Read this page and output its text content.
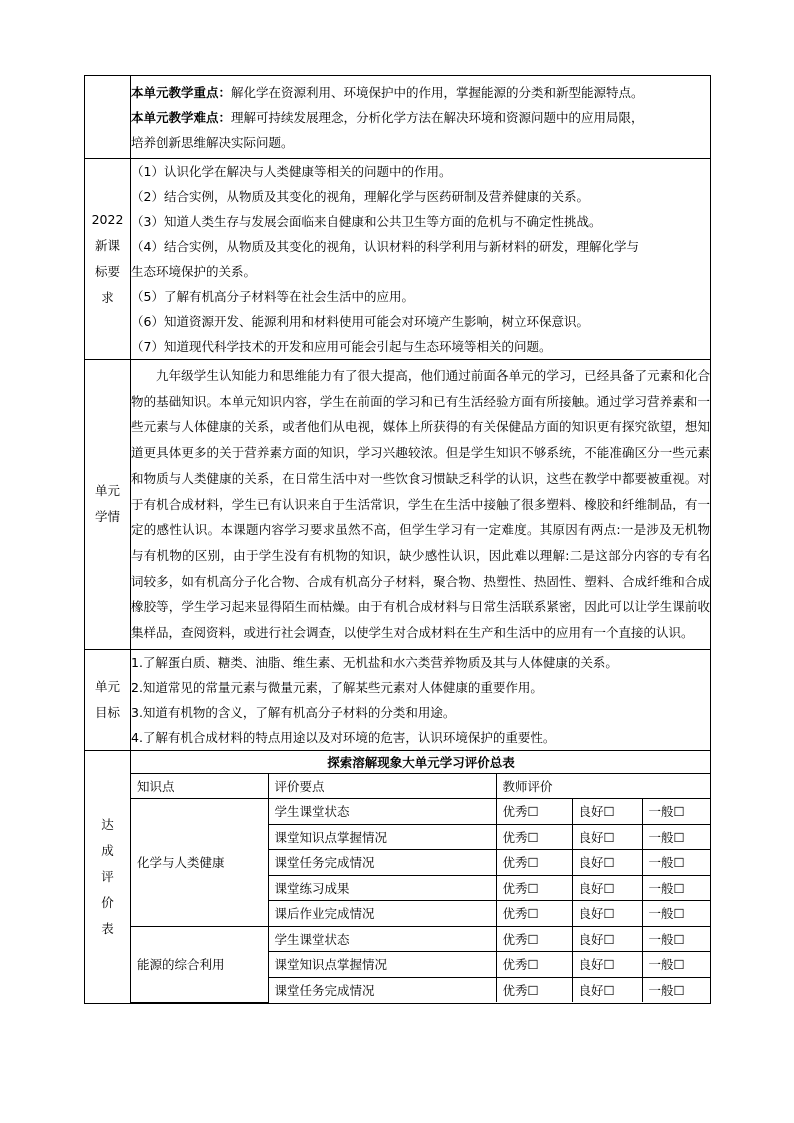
本单元教学重点：解化学在资源利用、环境保护中的作用，掌握能源的分类和新型能源特点。
本单元教学难点：理解可持续发展理念，分析化学方法在解决环境和资源问题中的应用局限，
培养创新思维解决实际问题。

2022
新课
标要
求

（1）认识化学在解决与人类健康等相关的问题中的作用。
（2）结合实例，从物质及其变化的视角，理解化学与医药研制及营养健康的关系。
（3）知道人类生存与发展会面临来自健康和公共卫生等方面的危机与不确定性挑战。
（4）结合实例，从物质及其变化的视角，认识材料的科学利用与新材料的研发，理解化学与
生态环境保护的关系。
（5）了解有机高分子材料等在社会生活中的应用。
（6）知道资源开发、能源利用和材料使用可能会对环境产生影响，树立环保意识。
（7）知道现代科学技术的开发和应用可能会引起与生态环境等相关的问题。

单元
学情

九年级学生认知能力和思维能力有了很大提高，他们通过前面各单元的学习，已经具备了元素和化合物的基础知识。本单元知识内容，学生在前面的学习和已有生活经验方面有所接触。通过学习营养素和一些元素与人体健康的关系，或者他们从电视，媒体上所获得的有关保健品方面的知识更有探究欲望，想知道更具体更多的关于营养素方面的知识，学习兴趣较浓。但是学生知识不够系统，不能准确区分一些元素和物质与人类健康的关系，在日常生活中对一些饮食习惯缺乏科学的认识，这些在教学中都要被重视。对于有机合成材料，学生已有认识来自于生活常识，学生在生活中接触了很多塑料、橡胶和纤维制品，有一定的感性认识。本课题内容学习要求虽然不高，但学生学习有一定难度。其原因有两点:一是涉及无机物与有机物的区别，由于学生没有有机物的知识，缺少感性认识，因此难以理解:二是这部分内容的专有名词较多，如有机高分子化合物、合成有机高分子材料，聚合物、热塑性、热固性、塑料、合成纤维和合成橡胶等，学生学习起来显得陌生而枯燥。由于有机合成材料与日常生活联系紧密，因此可以让学生课前收集样品，查阅资料，或进行社会调查，以使学生对合成材料在生产和生活中的应用有一个直接的认识。

单元
目标

1.了解蛋白质、糖类、油脂、维生素、无机盐和水六类营养物质及其与人体健康的关系。
2.知道常见的常量元素与微量元素，了解某些元素对人体健康的重要作用。
3.知道有机物的含义，了解有机高分子材料的分类和用途。
4.了解有机合成材料的特点用途以及对环境的危害，认识环境保护的重要性。

达
成
评
价
表

探索溶解现象大单元学习评价总表
知识点	评价要点	教师评价
化学与人类健康	学生课堂状态	优秀☐	良好☐	一般☐
课堂知识点掌握情况	优秀☐	良好☐	一般☐
课堂任务完成情况	优秀☐	良好☐	一般☐
课堂练习成果	优秀☐	良好☐	一般☐
课后作业完成情况	优秀☐	良好☐	一般☐
能源的综合利用	学生课堂状态	优秀☐	良好☐	一般☐
课堂知识点掌握情况	优秀☐	良好☐	一般☐
课堂任务完成情况	优秀☐	良好☐	一般☐
